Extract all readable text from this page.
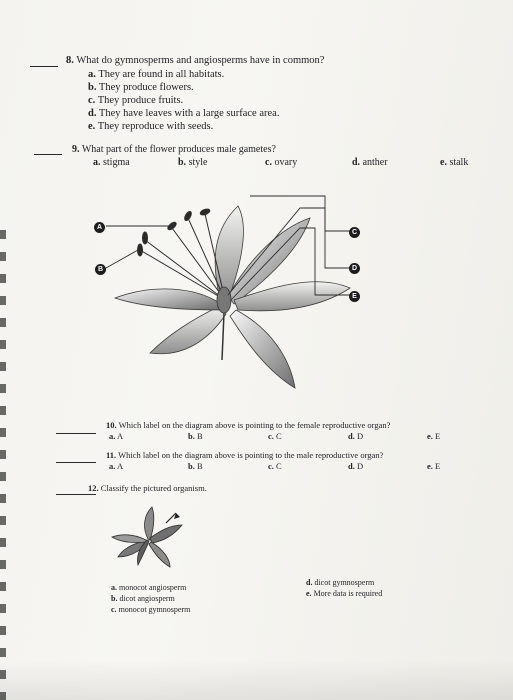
8. What do gymnosperms and angiosperms have in common?
a. They are found in all habitats.
b. They produce flowers.
c. They produce fruits.
d. They have leaves with a large surface area.
e. They reproduce with seeds.
9. What part of the flower produces male gametes?
a. stigma	b. style	c. ovary	d. anther	e. stalk
A
B
C
D
E
10. Which label on the diagram above is pointing to the female reproductive organ?
a. A	b. B	c. C	d. D	e. E
11. Which label on the diagram above is pointing to the male reproductive organ?
a. A	b. B	c. C	d. D	e. E
12. Classify the pictured organism.
a. monocot angiosperm
b. dicot angiosperm
c. monocot gymnosperm
d. dicot gymnosperm
e. More data is required
